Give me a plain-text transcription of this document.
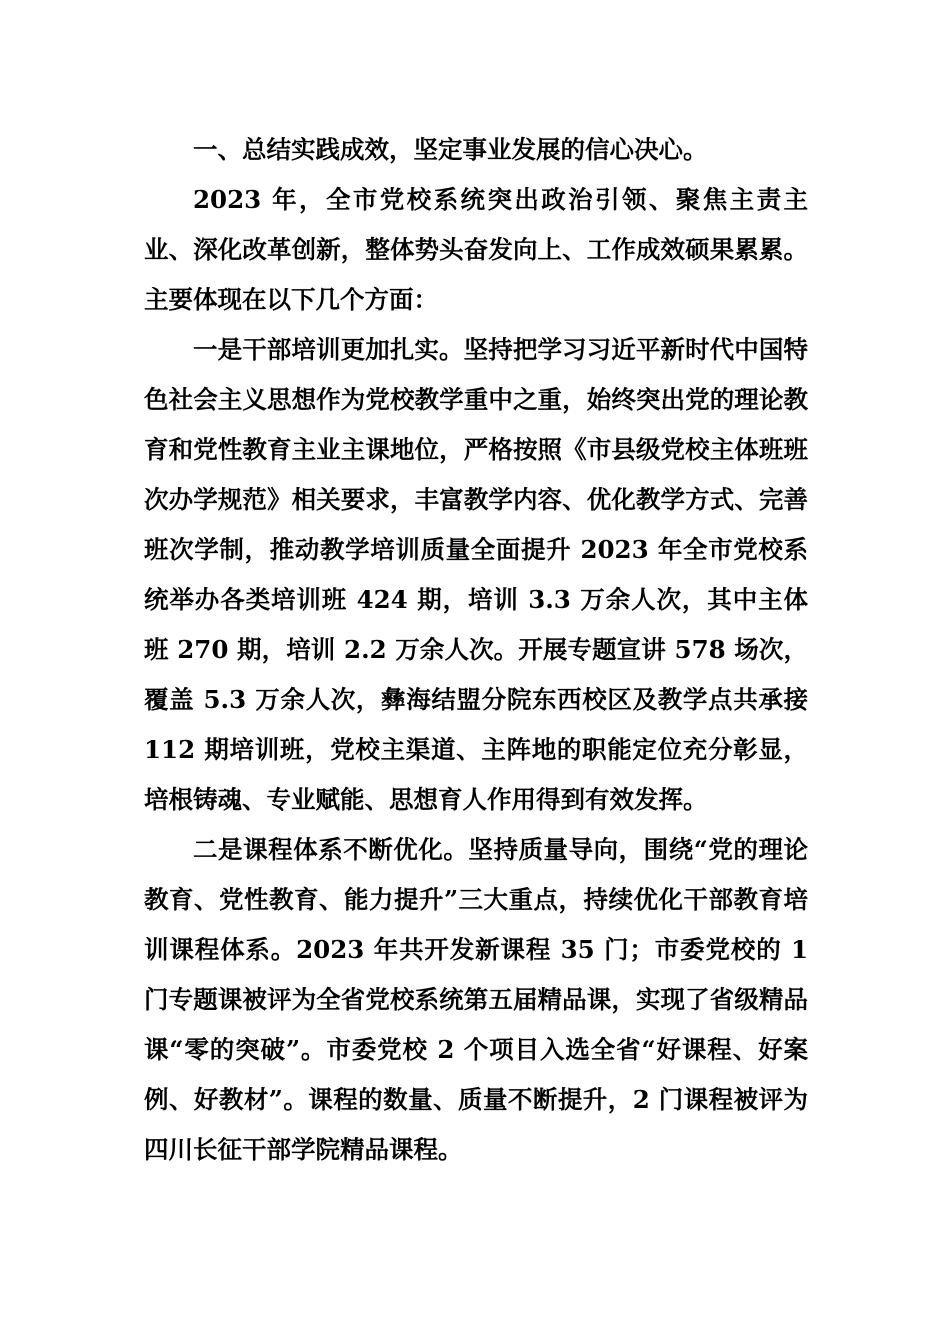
一、总结实践成效，坚定事业发展的信心决心。

2023 年，全市党校系统突出政治引领、聚焦主责主业、深化改革创新，整体势头奋发向上、工作成效硕果累累。主要体现在以下几个方面：

一是干部培训更加扎实。坚持把学习习近平新时代中国特色社会主义思想作为党校教学重中之重，始终突出党的理论教育和党性教育主业主课地位，严格按照《市县级党校主体班班次办学规范》相关要求，丰富教学内容、优化教学方式、完善班次学制，推动教学培训质量全面提升 2023 年全市党校系统举办各类培训班 424 期，培训 3.3 万余人次，其中主体班 270 期，培训 2.2 万余人次。开展专题宣讲 578 场次，覆盖 5.3 万余人次，彝海结盟分院东西校区及教学点共承接 112 期培训班，党校主渠道、主阵地的职能定位充分彰显，培根铸魂、专业赋能、思想育人作用得到有效发挥。

二是课程体系不断优化。坚持质量导向，围绕“党的理论教育、党性教育、能力提升”三大重点，持续优化干部教育培训课程体系。2023 年共开发新课程 35 门；市委党校的 1 门专题课被评为全省党校系统第五届精品课，实现了省级精品课“零的突破”。市委党校 2 个项目入选全省“好课程、好案例、好教材”。课程的数量、质量不断提升，2 门课程被评为四川长征干部学院精品课程。
